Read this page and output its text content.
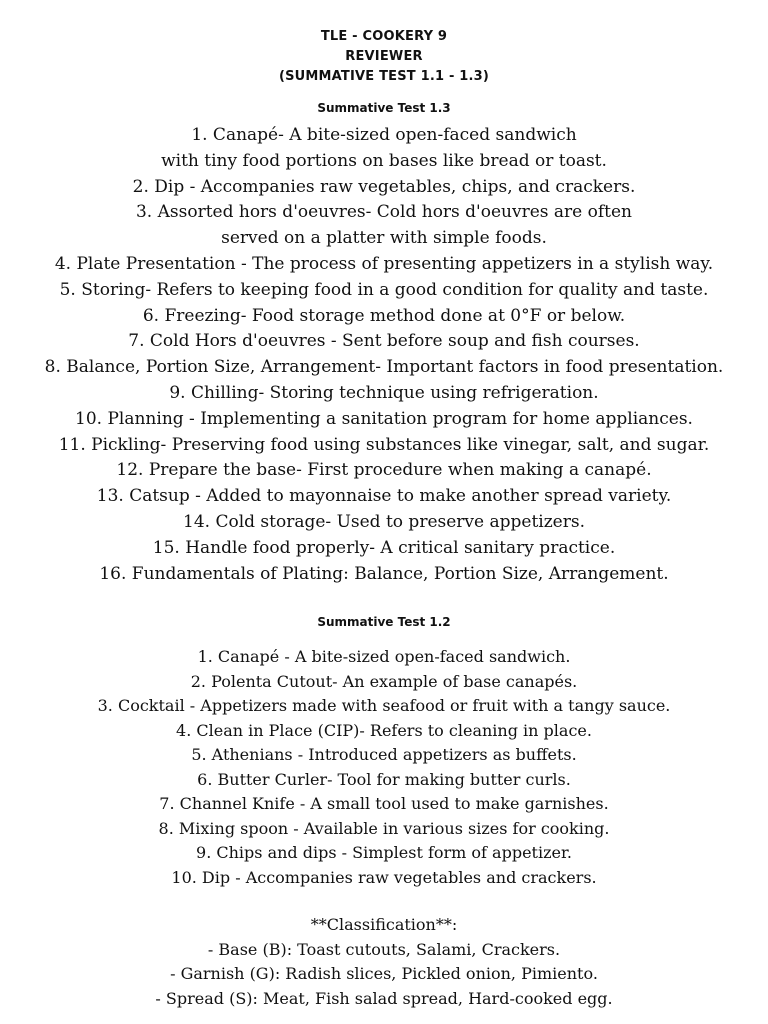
TLE - COOKERY 9
REVIEWER
(SUMMATIVE TEST 1.1 - 1.3)
Summative Test 1.3
1. Canapé- A bite-sized open-faced sandwich
with tiny food portions on bases like bread or toast.
2. Dip - Accompanies raw vegetables, chips, and crackers.
3. Assorted hors d'oeuvres- Cold hors d'oeuvres are often
served on a platter with simple foods.
4. Plate Presentation - The process of presenting appetizers in a stylish way.
5. Storing- Refers to keeping food in a good condition for quality and taste.
6. Freezing- Food storage method done at 0°F or below.
7. Cold Hors d'oeuvres - Sent before soup and fish courses.
8. Balance, Portion Size, Arrangement- Important factors in food presentation.
9. Chilling- Storing technique using refrigeration.
10. Planning - Implementing a sanitation program for home appliances.
11. Pickling- Preserving food using substances like vinegar, salt, and sugar.
12. Prepare the base- First procedure when making a canapé.
13. Catsup - Added to mayonnaise to make another spread variety.
14. Cold storage- Used to preserve appetizers.
15. Handle food properly- A critical sanitary practice.
16. Fundamentals of Plating: Balance, Portion Size, Arrangement.
Summative Test 1.2
1. Canapé - A bite-sized open-faced sandwich.
2. Polenta Cutout- An example of base canapés.
3. Cocktail - Appetizers made with seafood or fruit with a tangy sauce.
4. Clean in Place (CIP)- Refers to cleaning in place.
5. Athenians - Introduced appetizers as buffets.
6. Butter Curler- Tool for making butter curls.
7. Channel Knife - A small tool used to make garnishes.
8. Mixing spoon - Available in various sizes for cooking.
9. Chips and dips - Simplest form of appetizer.
10. Dip - Accompanies raw vegetables and crackers.
**Classification**:
- Base (B): Toast cutouts, Salami, Crackers.
- Garnish (G): Radish slices, Pickled onion, Pimiento.
- Spread (S): Meat, Fish salad spread, Hard-cooked egg.
